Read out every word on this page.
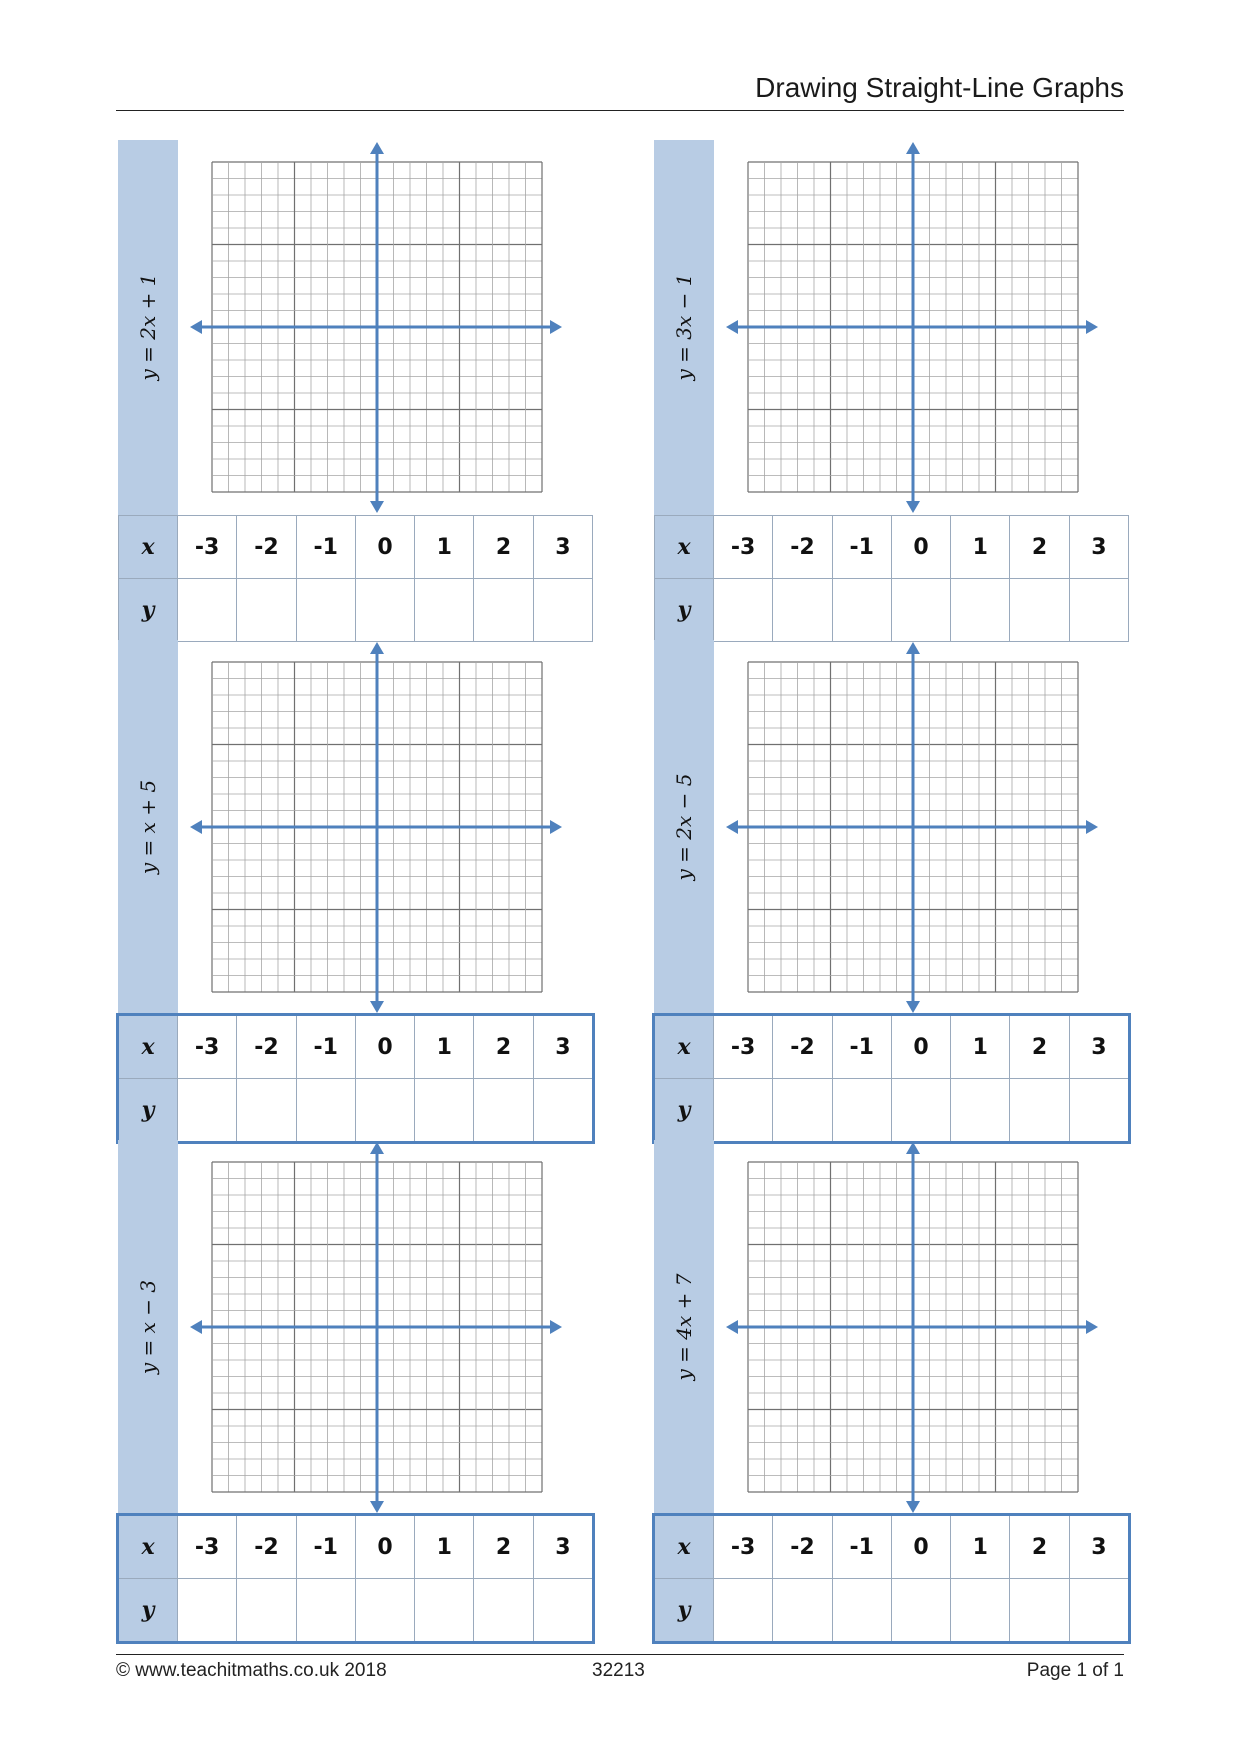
Drawing Straight-Line Graphs
y = 2x + 1
x	-3	-2	-1	0	1	2	3
y							
y = 3x − 1
x	-3	-2	-1	0	1	2	3
y							
y = x + 5
x	-3	-2	-1	0	1	2	3
y							
y = 2x − 5
x	-3	-2	-1	0	1	2	3
y							
y = x − 3
x	-3	-2	-1	0	1	2	3
y							
y = 4x + 7
x	-3	-2	-1	0	1	2	3
y							
© www.teachitmaths.co.uk 2018	32213	Page 1 of 1
